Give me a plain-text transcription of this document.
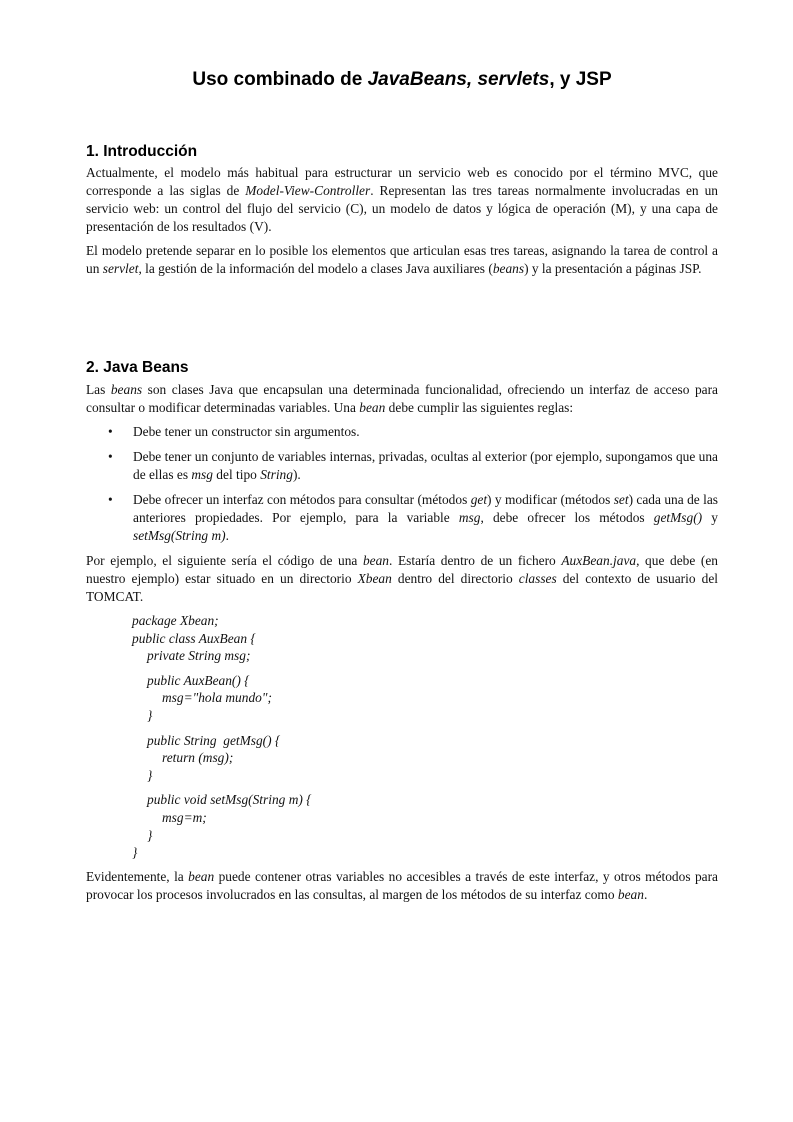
Uso combinado de JavaBeans, servlets, y JSP
1. Introducción

Actualmente, el modelo más habitual para estructurar un servicio web es conocido por el término MVC, que corresponde a las siglas de Model-View-Controller. Representan las tres tareas normalmente involucradas en un servicio web: un control del flujo del servicio (C), un modelo de datos y lógica de operación (M), y una capa de presentación de los resultados (V).

El modelo pretende separar en lo posible los elementos que articulan esas tres tareas, asignando la tarea de control a un servlet, la gestión de la información del modelo a clases Java auxiliares (beans) y la presentación a páginas JSP.

2. Java Beans

Las beans son clases Java que encapsulan una determinada funcionalidad, ofreciendo un interfaz de acceso para consultar o modificar determinadas variables. Una bean debe cumplir las siguientes reglas:

• Debe tener un constructor sin argumentos.
• Debe tener un conjunto de variables internas, privadas, ocultas al exterior (por ejemplo, supongamos que una de ellas es msg del tipo String).
• Debe ofrecer un interfaz con métodos para consultar (métodos get) y modificar (métodos set) cada una de las anteriores propiedades. Por ejemplo, para la variable msg, debe ofrecer los métodos getMsg() y setMsg(String m).

Por ejemplo, el siguiente sería el código de una bean. Estaría dentro de un fichero AuxBean.java, que debe (en nuestro ejemplo) estar situado en un directorio Xbean dentro del directorio classes del contexto de usuario del TOMCAT.

package Xbean;
public class AuxBean {
private String msg;
public AuxBean() {
msg="hola mundo";
}
public String  getMsg() {
return (msg);
}
public void setMsg(String m) {
msg=m;
}
}

Evidentemente, la bean puede contener otras variables no accesibles a través de este interfaz, y otros métodos para provocar los procesos involucrados en las consultas, al margen de los métodos de su interfaz como bean.
